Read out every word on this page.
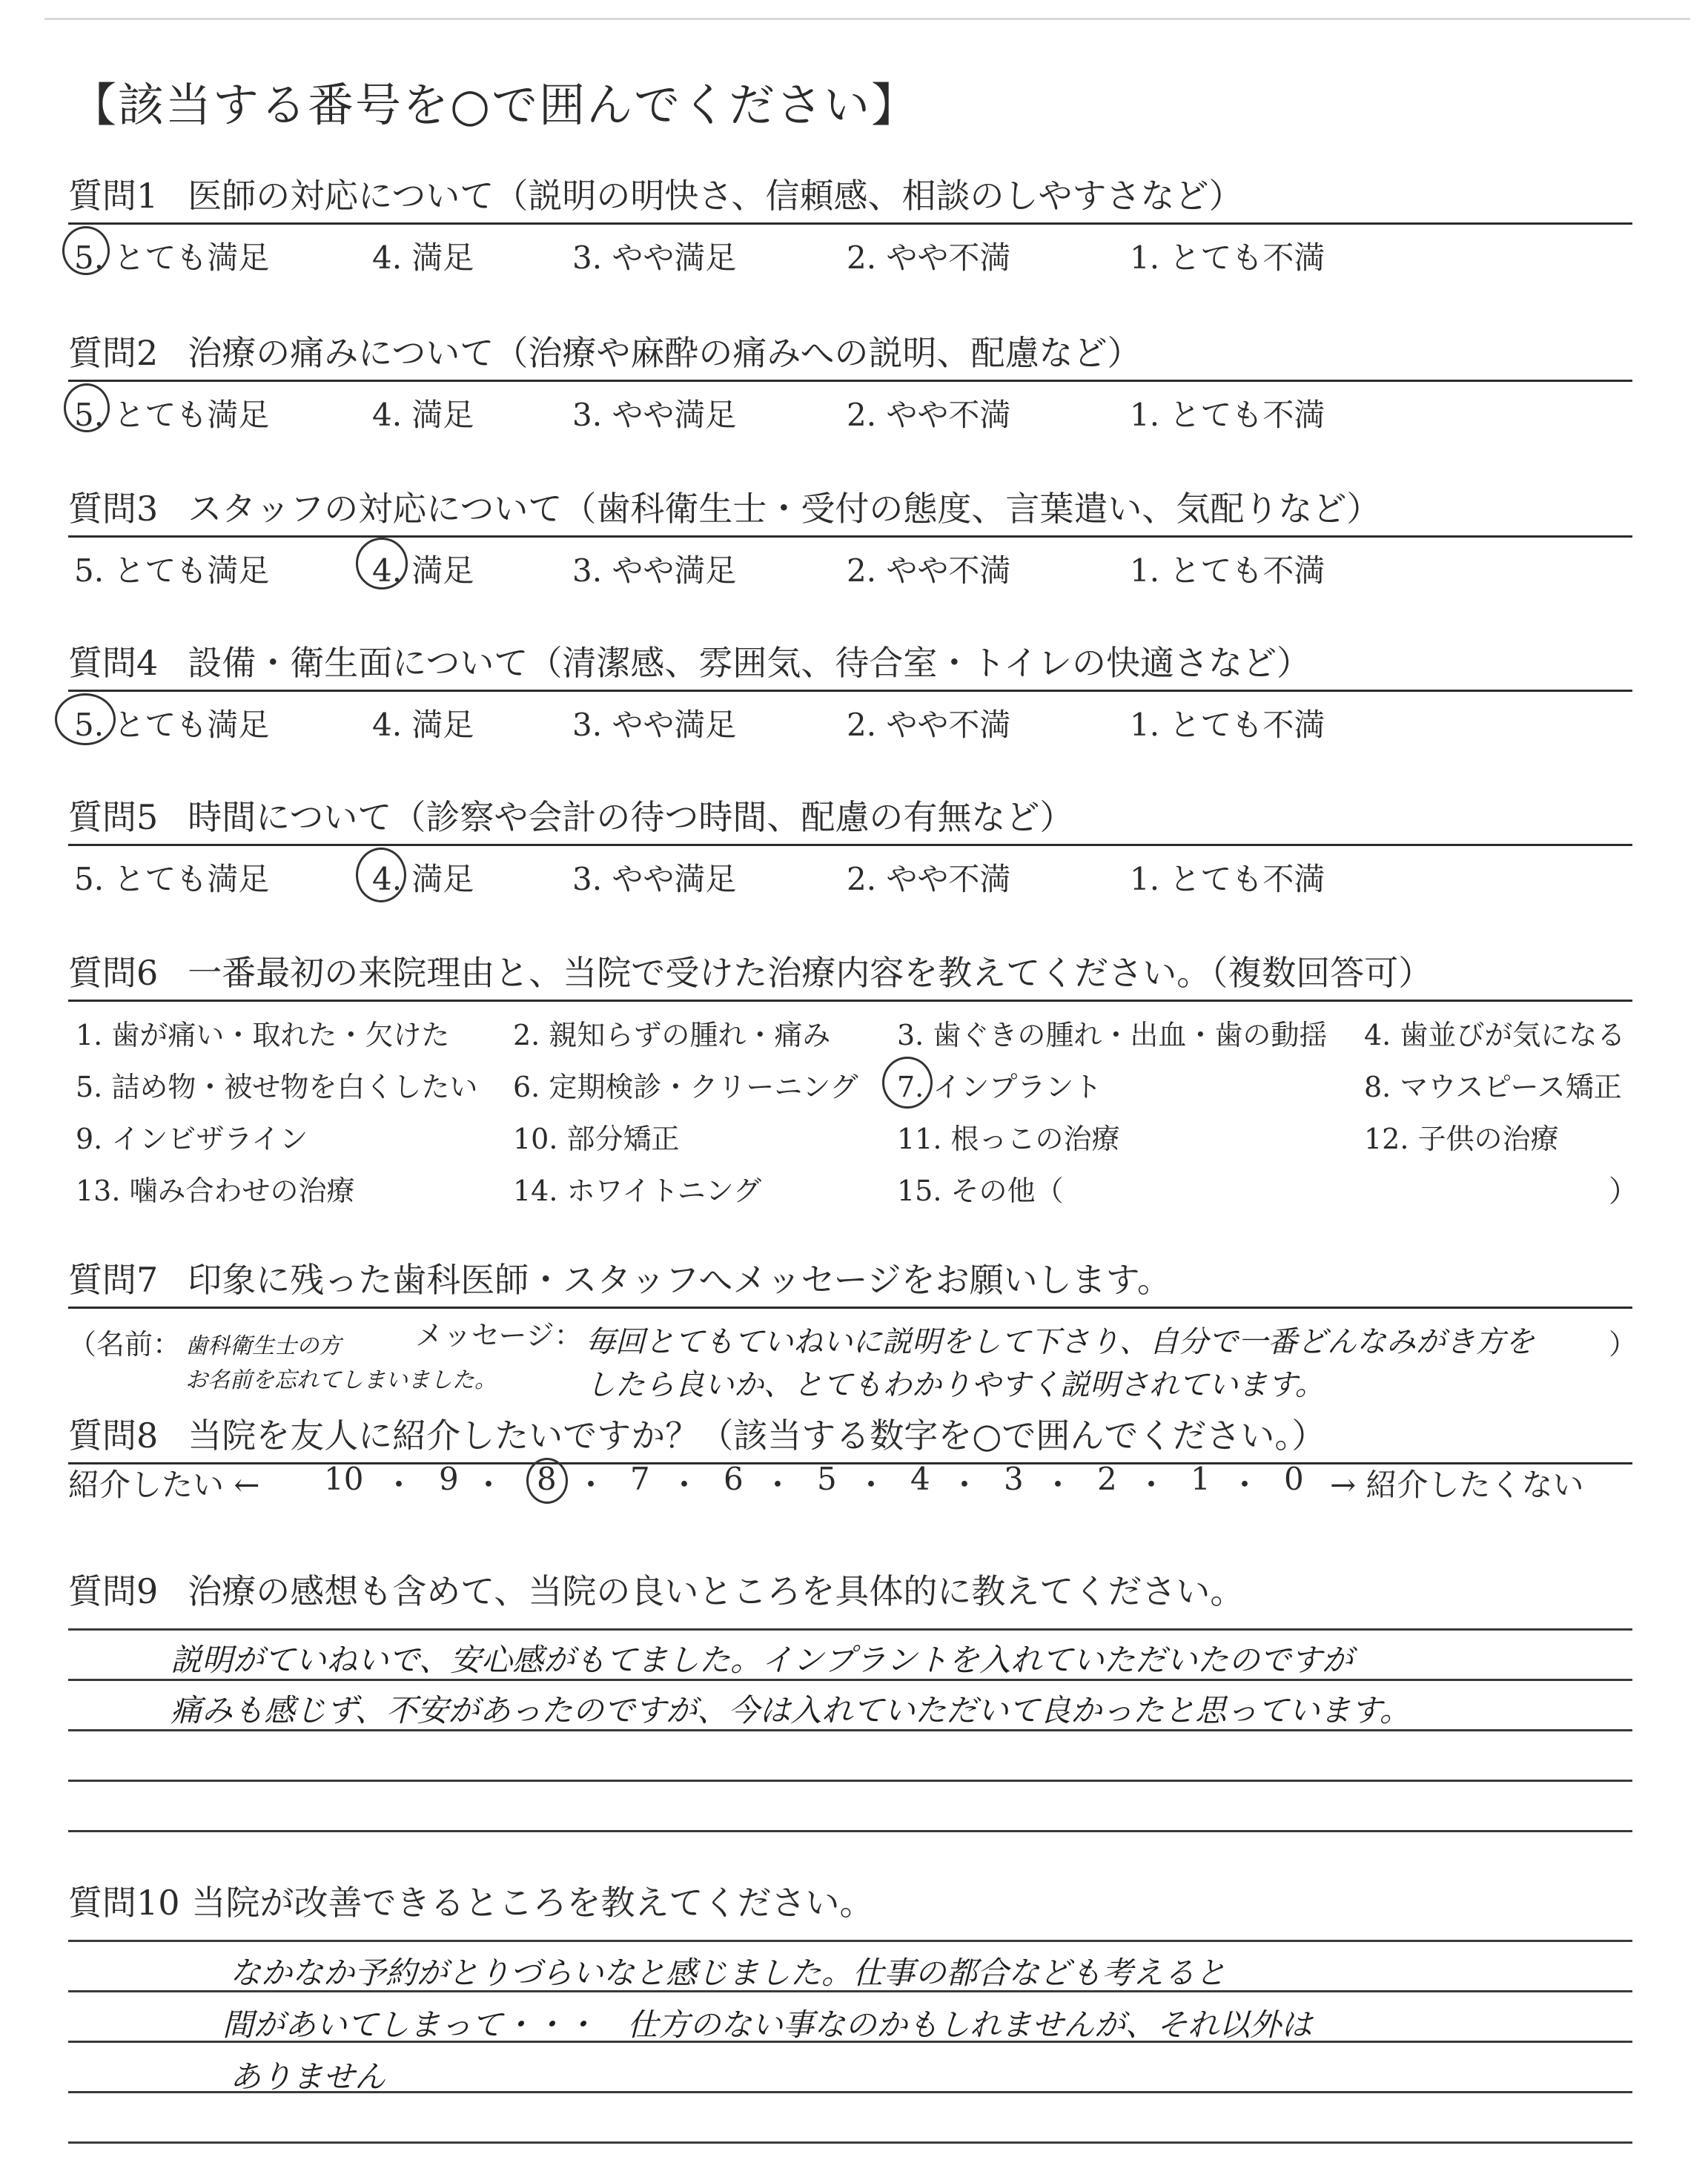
【該当する番号を○で囲んでください】
質問1 医師の対応について（説明の明快さ、信頼感、相談のしやすさなど）
5. とても満足	4. 満足	3. やや満足	2. やや不満	1. とても不満
質問2 治療の痛みについて（治療や麻酔の痛みへの説明、配慮など）
5. とても満足	4. 満足	3. やや満足	2. やや不満	1. とても不満
質問3 スタッフの対応について（歯科衛生士・受付の態度、言葉遣い、気配りなど）
5. とても満足	4. 満足	3. やや満足	2. やや不満	1. とても不満
質問4 設備・衛生面について（清潔感、雰囲気、待合室・トイレの快適さなど）
5. とても満足	4. 満足	3. やや満足	2. やや不満	1. とても不満
質問5 時間について（診察や会計の待つ時間、配慮の有無など）
5. とても満足	4. 満足	3. やや満足	2. やや不満	1. とても不満
質問6 一番最初の来院理由と、当院で受けた治療内容を教えてください。（複数回答可）
1. 歯が痛い・取れた・欠けた 2. 親知らずの腫れ・痛み 3. 歯ぐきの腫れ・出血・歯の動揺 4. 歯並びが気になる
5. 詰め物・被せ物を白くしたい 6. 定期検診・クリーニング 7. インプラント	8. マウスピース矯正
9. インビザライン	10. 部分矯正	11. 根っこの治療	12. 子供の治療
13. 噛み合わせの治療	14. ホワイトニング	15. その他（	）
質問7 印象に残った歯科医師・スタッフへメッセージをお願いします。
（名前：	メッセージ：
歯科衛生士の方
お名前を忘れてしまいました。
毎回とてもていねいに説明をして下さり、自分で一番どんなみがき方を
したら良いか、とてもわかりやすく説明されています。
）
質問8 当院を友人に紹介したいですか？（該当する数字を○で囲んでください。）
紹介したい ← 10 ・ 9 ・ 8 ・ 7 ・ 6 ・ 5 ・ 4 ・ 3 ・ 2 ・ 1 ・ 0 → 紹介したくない
質問9 治療の感想も含めて、当院の良いところを具体的に教えてください。
説明がていねいで、安心感がもてました。インプラントを入れていただいたのですが
痛みも感じず、不安があったのですが、今は入れていただいて良かったと思っています。
質問10 当院が改善できるところを教えてください。
なかなか予約がとりづらいなと感じました。仕事の都合なども考えると
間があいてしまって・・・　仕方のない事なのかもしれませんが、それ以外は
ありません
